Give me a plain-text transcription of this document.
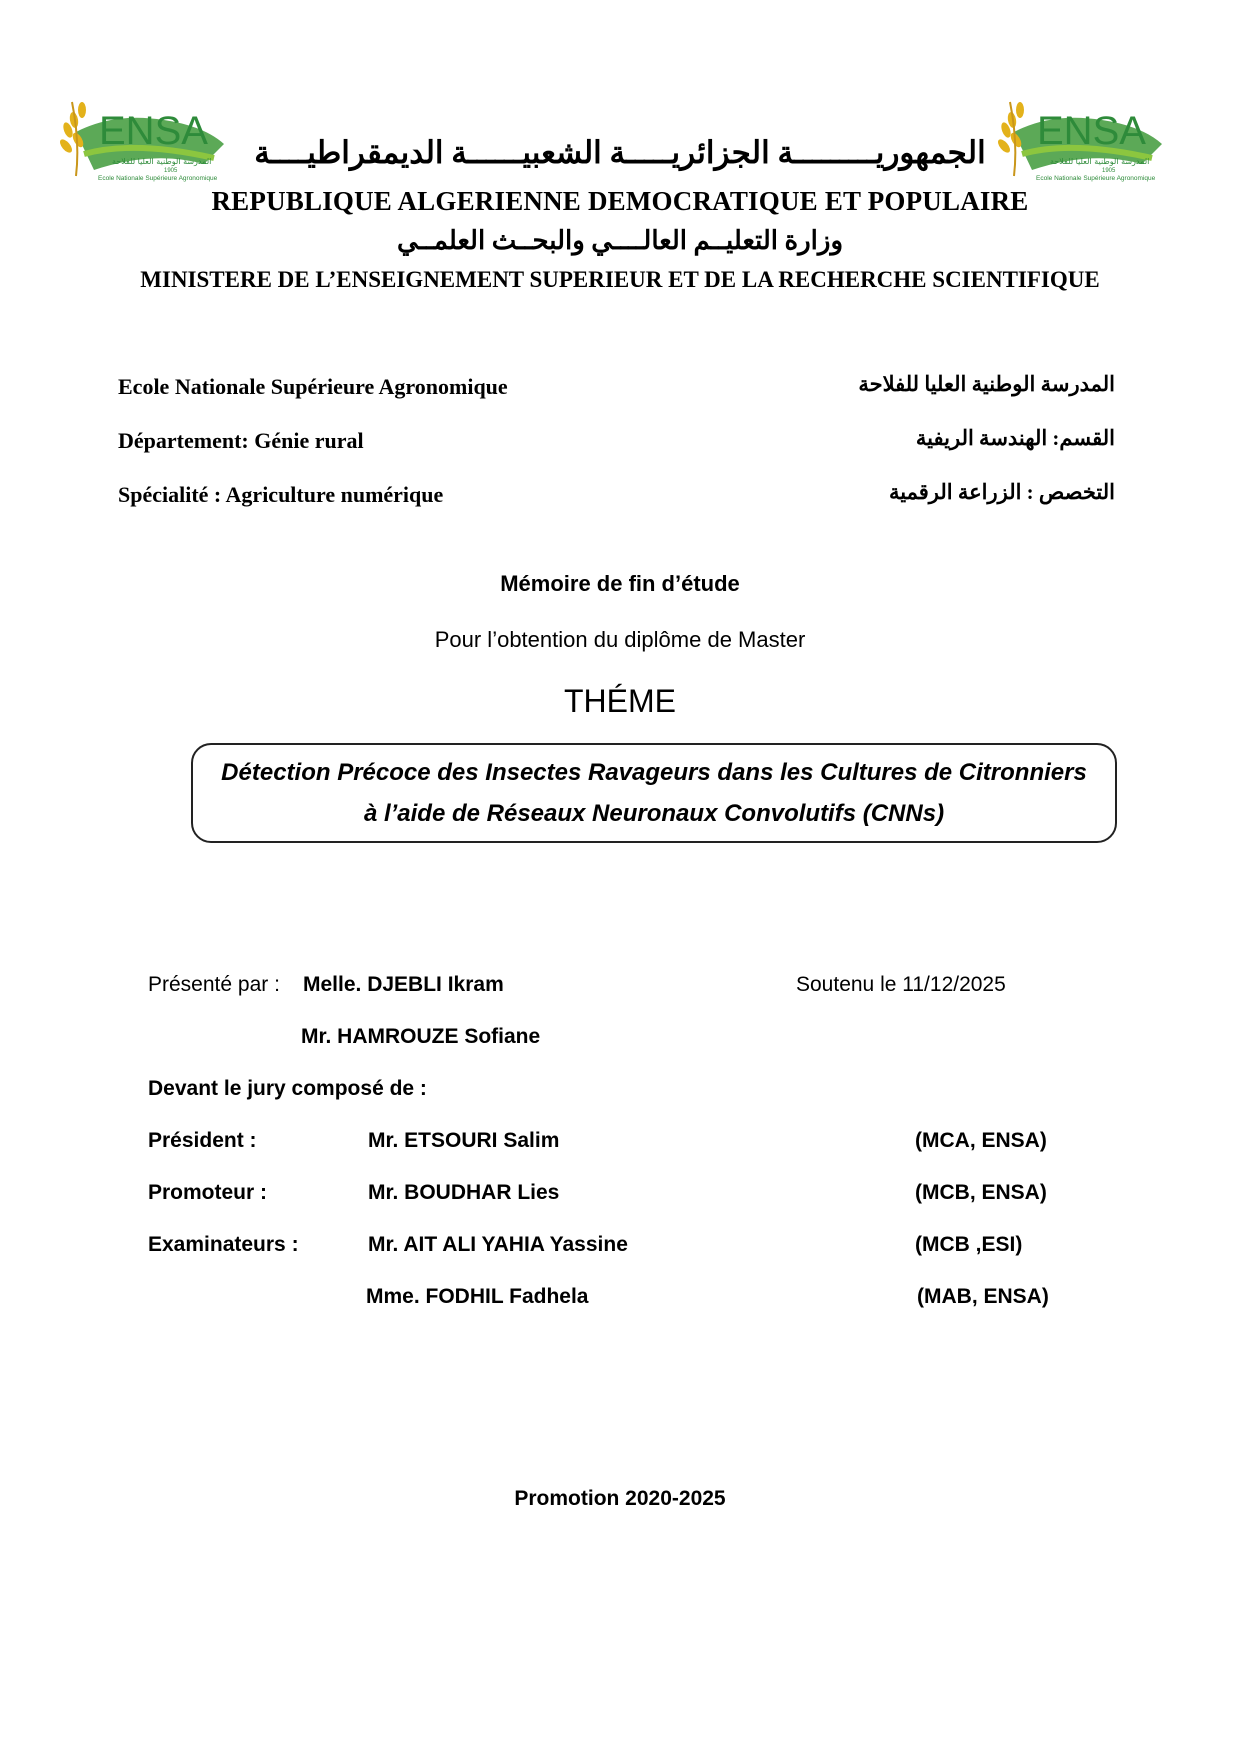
ENSA
المدرسة الوطنية العليا للفلاحة
1905
Ecole Nationale Supérieure Agronomique
ENSA
المدرسة الوطنية العليا للفلاحة
1905
Ecole Nationale Supérieure Agronomique
الجمهوريـــــــــة الجزائريـــــة الشعبيــــــة الديمقراطيــــة
REPUBLIQUE ALGERIENNE DEMOCRATIQUE ET POPULAIRE
وزارة التعليــم العالــــي والبحــث العلمــي
MINISTERE DE L’ENSEIGNEMENT SUPERIEUR ET DE LA RECHERCHE SCIENTIFIQUE
Ecole Nationale Supérieure Agronomique	المدرسة الوطنية العليا للفلاحة
Département: Génie rural	القسم: الهندسة الريفية
Spécialité : Agriculture numérique	التخصص : الزراعة الرقمية
Mémoire de fin d’étude
Pour l’obtention du diplôme de Master
THÉME
Détection Précoce des Insectes Ravageurs dans les Cultures de Citronniers
à l’aide de Réseaux Neuronaux Convolutifs (CNNs)
Présenté par : Melle. DJEBLI Ikram	Soutenu le 11/12/2025
Mr. HAMROUZE Sofiane
Devant le jury composé de :
Président :	Mr. ETSOURI Salim	(MCA, ENSA)
Promoteur :	Mr. BOUDHAR Lies	(MCB, ENSA)
Examinateurs :	Mr. AIT ALI YAHIA Yassine	(MCB ,ESI)
Mme. FODHIL Fadhela	(MAB, ENSA)
Promotion 2020-2025
